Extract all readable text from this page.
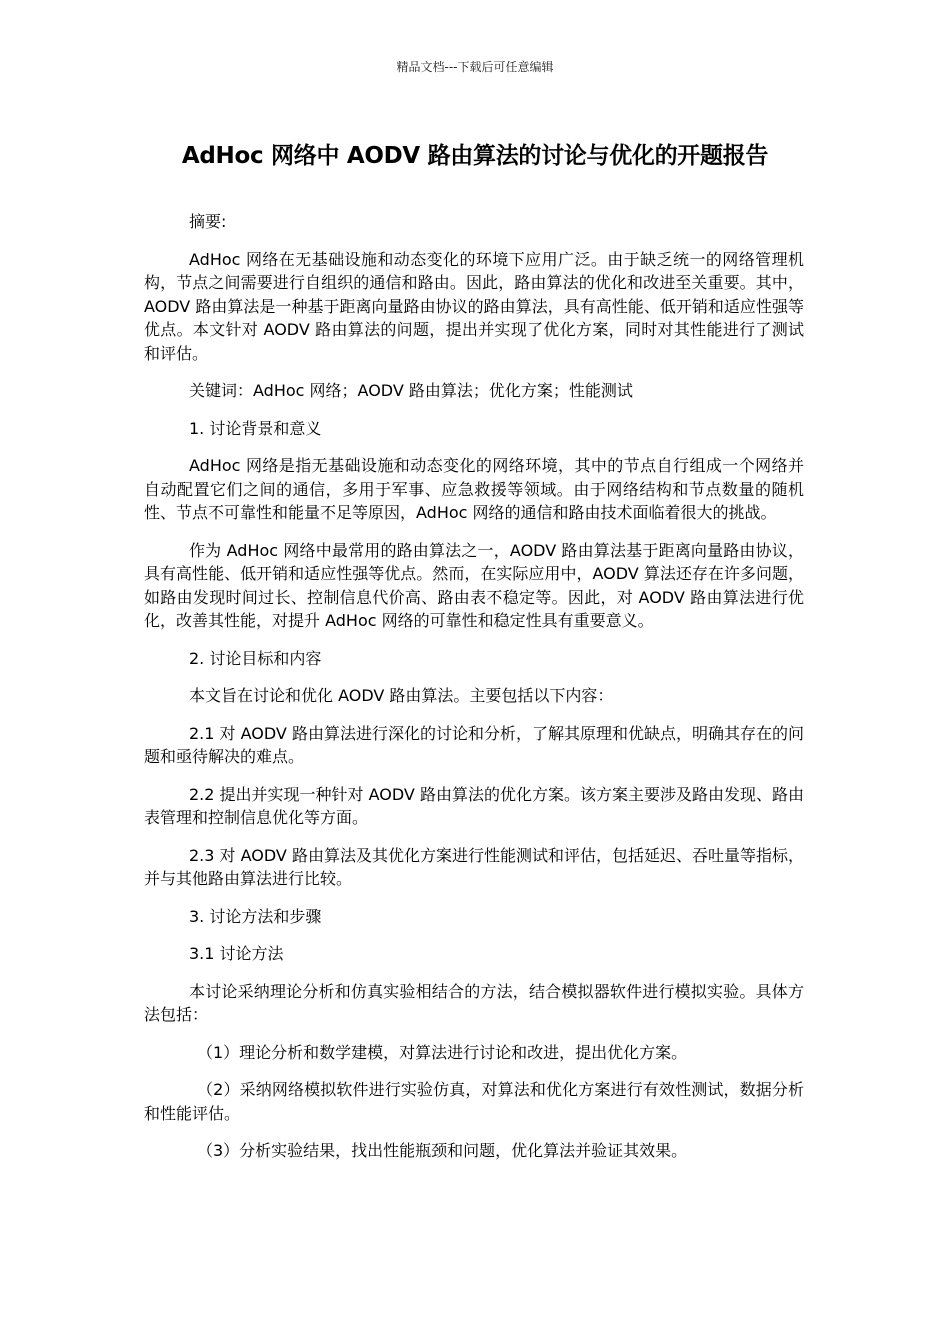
精品文档---下载后可任意编辑
AdHoc 网络中 AODV 路由算法的讨论与优化的开题报告

摘要:

AdHoc 网络在无基础设施和动态变化的环境下应用广泛。由于缺乏统一的网络管理机构，节点之间需要进行自组织的通信和路由。因此，路由算法的优化和改进至关重要。其中，AODV 路由算法是一种基于距离向量路由协议的路由算法，具有高性能、低开销和适应性强等优点。本文针对 AODV 路由算法的问题，提出并实现了优化方案，同时对其性能进行了测试和评估。

关键词：AdHoc 网络；AODV 路由算法；优化方案；性能测试

1. 讨论背景和意义

AdHoc 网络是指无基础设施和动态变化的网络环境，其中的节点自行组成一个网络并自动配置它们之间的通信，多用于军事、应急救援等领域。由于网络结构和节点数量的随机性、节点不可靠性和能量不足等原因，AdHoc 网络的通信和路由技术面临着很大的挑战。

作为 AdHoc 网络中最常用的路由算法之一，AODV 路由算法基于距离向量路由协议，具有高性能、低开销和适应性强等优点。然而，在实际应用中，AODV 算法还存在许多问题，如路由发现时间过长、控制信息代价高、路由表不稳定等。因此，对 AODV 路由算法进行优化，改善其性能，对提升 AdHoc 网络的可靠性和稳定性具有重要意义。

2. 讨论目标和内容

本文旨在讨论和优化 AODV 路由算法。主要包括以下内容：

2.1 对 AODV 路由算法进行深化的讨论和分析，了解其原理和优缺点，明确其存在的问题和亟待解决的难点。

2.2 提出并实现一种针对 AODV 路由算法的优化方案。该方案主要涉及路由发现、路由表管理和控制信息优化等方面。

2.3 对 AODV 路由算法及其优化方案进行性能测试和评估，包括延迟、吞吐量等指标，并与其他路由算法进行比较。

3. 讨论方法和步骤

3.1 讨论方法

本讨论采纳理论分析和仿真实验相结合的方法，结合模拟器软件进行模拟实验。具体方法包括：

（1）理论分析和数学建模，对算法进行讨论和改进，提出优化方案。

（2）采纳网络模拟软件进行实验仿真，对算法和优化方案进行有效性测试，数据分析和性能评估。

（3）分析实验结果，找出性能瓶颈和问题，优化算法并验证其效果。
